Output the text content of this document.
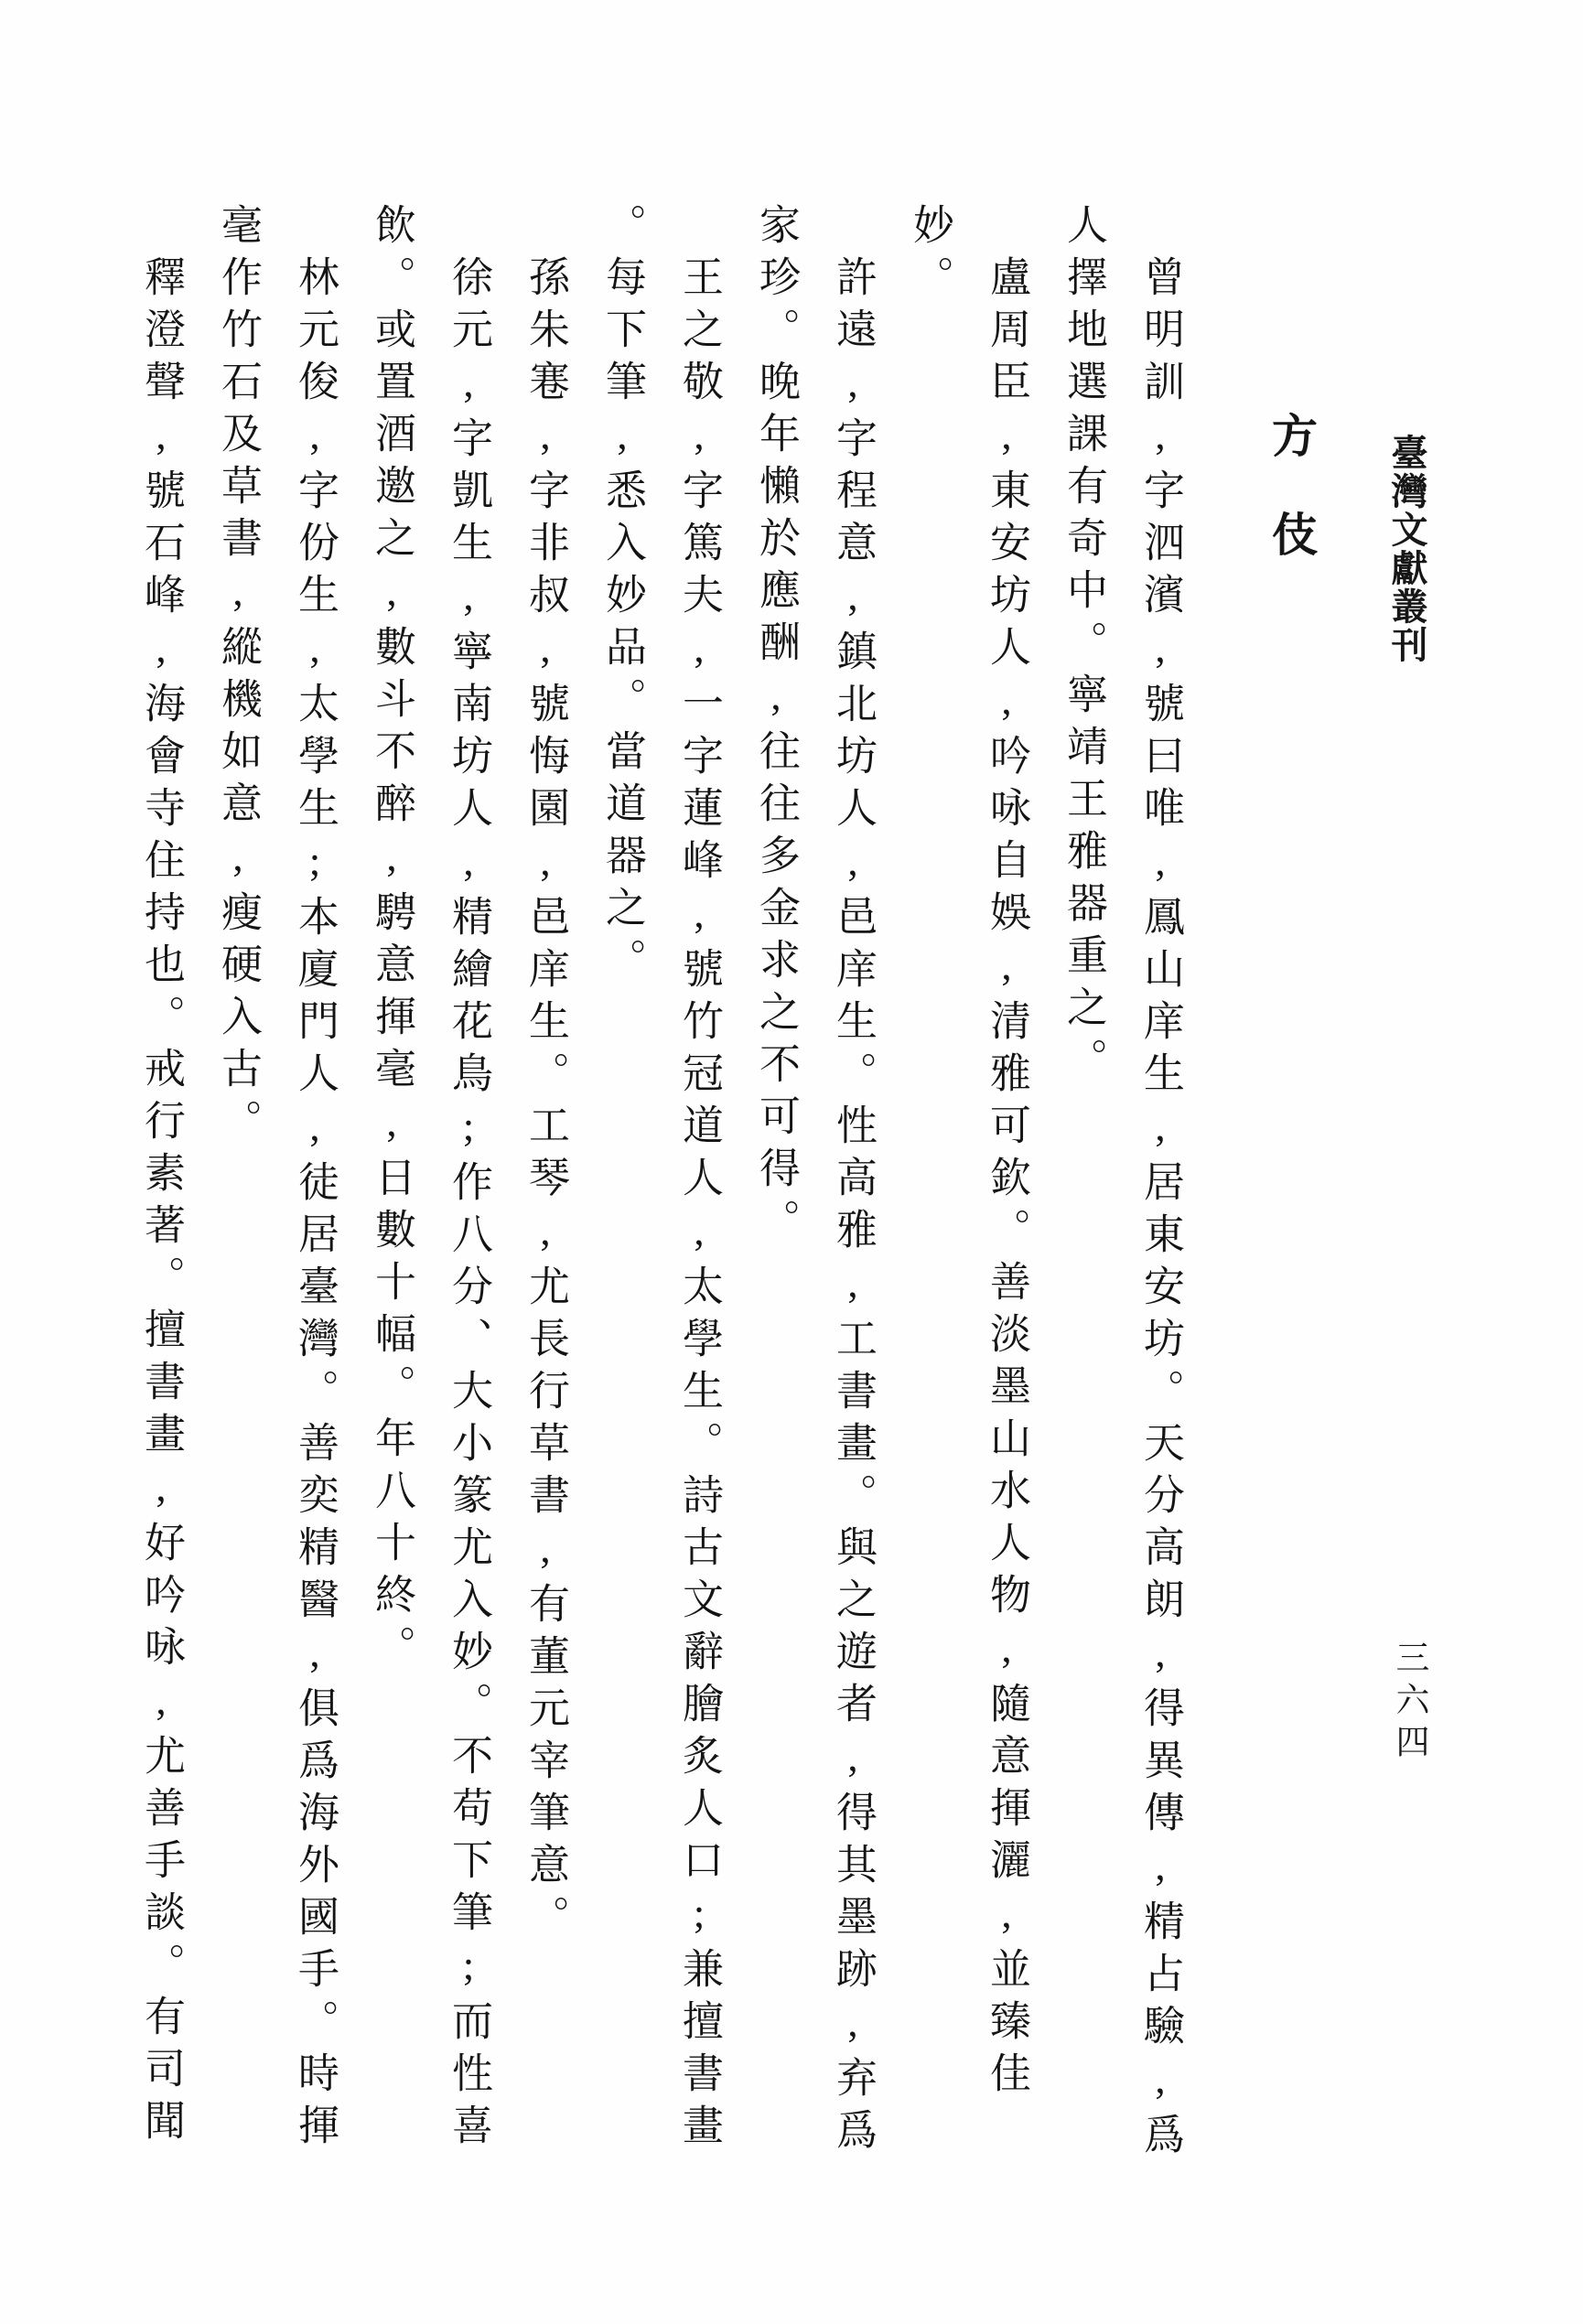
臺灣文獻叢刊
方伎
三六四

曾明訓,字泗濱,號曰唯,鳳山庠生,居東安坊。天分高朗,得異傳,精占驗,爲

人擇地選課有奇中。寧靖王雅器重之。

盧周臣,東安坊人,吟咏自娛,清雅可欽。善淡墨山水人物,隨意揮灑,並臻佳

妙。

許遠,字程意,鎮北坊人,邑庠生。性高雅,工書畫。與之遊者,得其墨跡,弃爲

家珍。晚年懶於應酬,往往多金求之不可得。

王之敬,字篤夫,一字蓮峰,號竹冠道人,太學生。詩古文辭膾炙人口;兼擅書畫

。每下筆,悉入妙品。當道器之。

孫朱寋,字非叔,號悔園,邑庠生。工琴,尤長行草書,有董元宰筆意。

徐元,字凱生,寧南坊人,精繪花鳥;作八分、大小篆尤入妙。不苟下筆;而性喜

飲。或置酒邀之,數斗不醉,騁意揮毫,日數十幅。年八十終。

林元俊,字份生,太學生;本廈門人,徒居臺灣。善奕精醫,俱爲海外國手。時揮

毫作竹石及草書,縱機如意,瘦硬入古。

釋澄聲,號石峰,海會寺住持也。戒行素著。擅書畫,好吟咏,尤善手談。有司聞
